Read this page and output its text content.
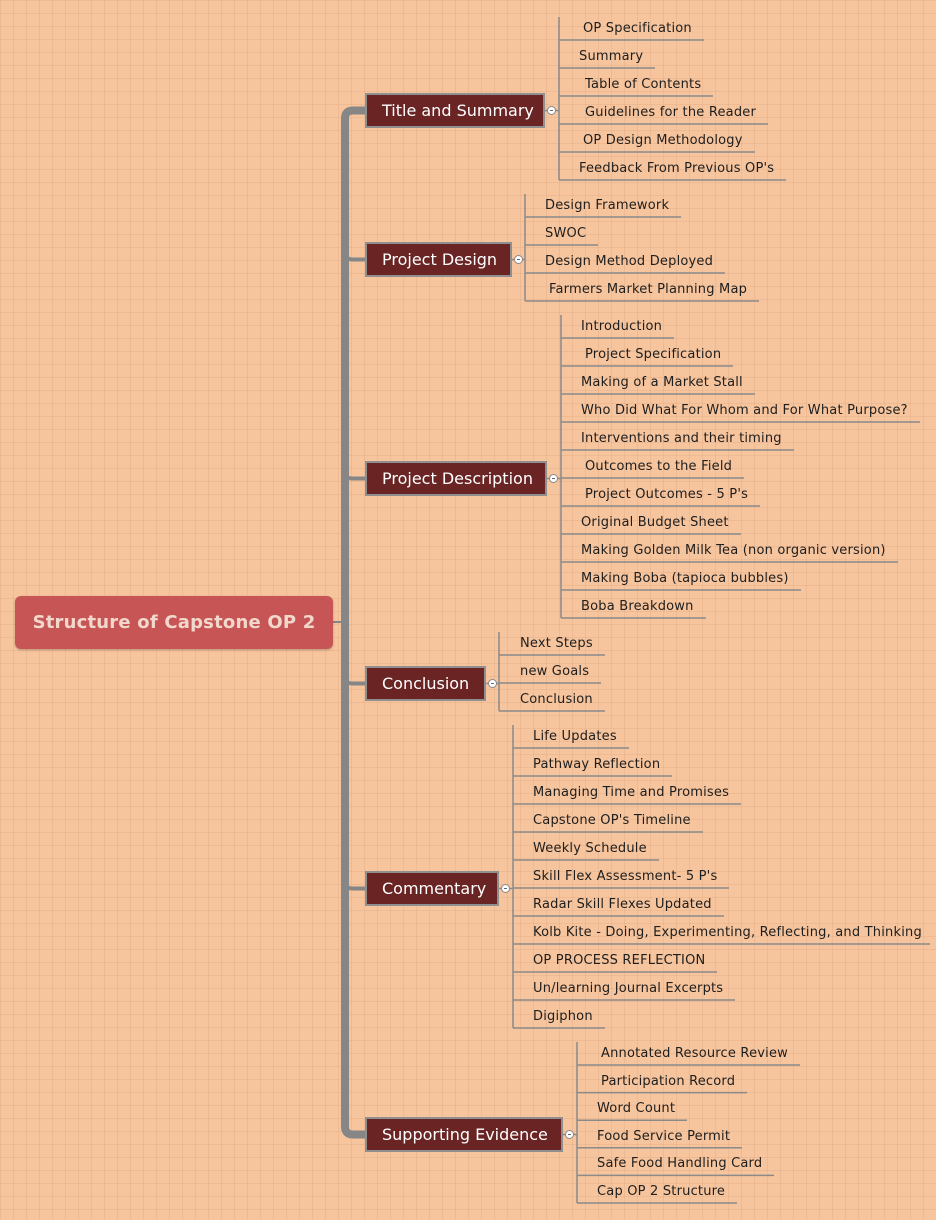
Structure of Capstone OP 2
Title and Summary
OP Specification
Summary
Table of Contents
Guidelines for the Reader
OP Design Methodology
Feedback From Previous OP's
Project Design
Design Framework
SWOC
Design Method Deployed
Farmers Market Planning Map
Project Description
Introduction
Project Specification
Making of a Market Stall
Who Did What For Whom and For What Purpose?
Interventions and their timing
Outcomes to the Field
Project Outcomes - 5 P's
Original Budget Sheet
Making Golden Milk Tea (non organic version)
Making Boba (tapioca bubbles)
Boba Breakdown
Conclusion
Next Steps
new Goals
Conclusion
Commentary
Life Updates
Pathway Reflection
Managing Time and Promises
Capstone OP's Timeline
Weekly Schedule
Skill Flex Assessment- 5 P's
Radar Skill Flexes Updated
Kolb Kite - Doing, Experimenting, Reflecting, and Thinking
OP PROCESS REFLECTION
Un/learning Journal Excerpts
Digiphon
Supporting Evidence
Annotated Resource Review
Participation Record
Word Count
Food Service Permit
Safe Food Handling Card
Cap OP 2 Structure
